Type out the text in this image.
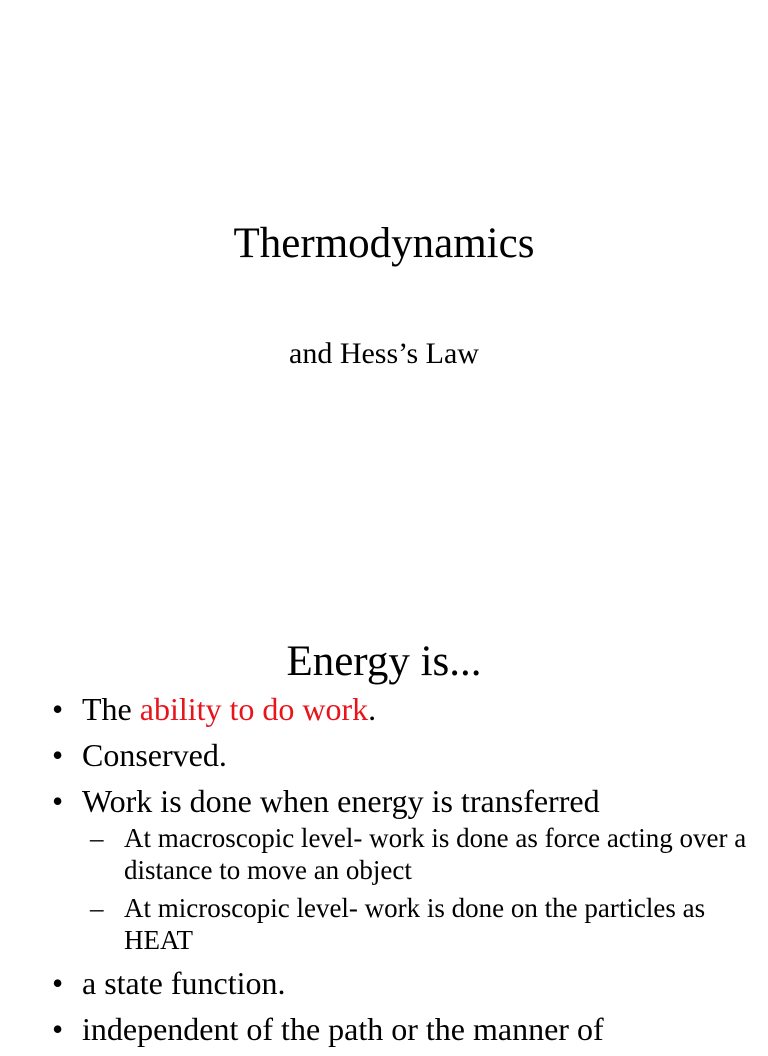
Thermodynamics
and Hess’s Law
Energy is...
• The ability to do work.
• Conserved.
• Work is done when energy is transferred
– At macroscopic level- work is done as force acting over a distance to move an object
– At microscopic level- work is done on the particles as HEAT
• a state function.
• independent of the path or the manner of
